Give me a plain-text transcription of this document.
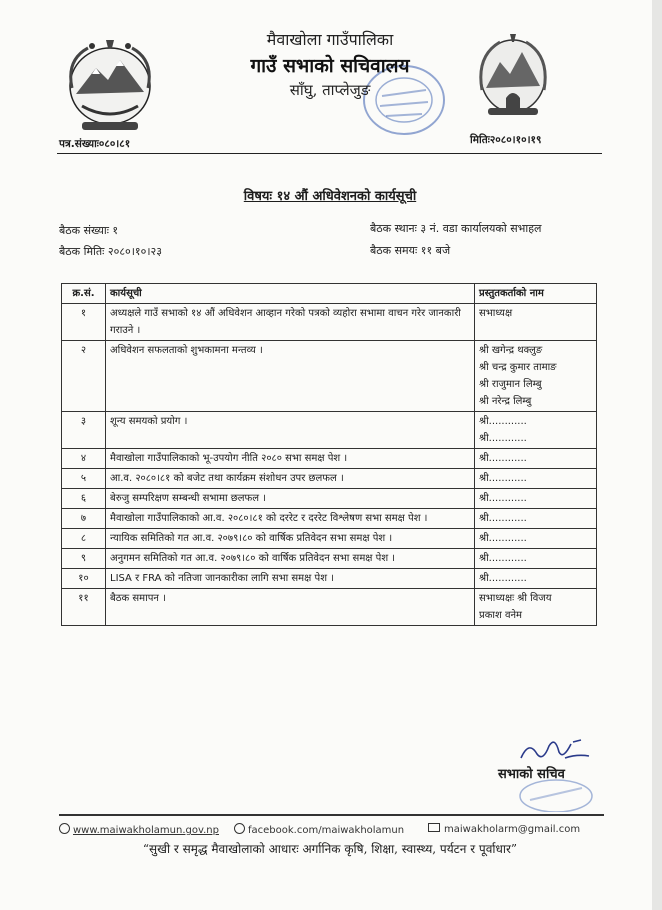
मैवाखोला गाउँपालिका
गाउँ सभाको सचिवालय
साँघु, ताप्लेजुङ
पत्र.संख्याः०८०।८१	मितिः२०८०।१०।१९
विषयः १४ औं अधिवेशनको कार्यसूची
बैठक संख्याः १
बैठक मितिः २०८०।१०।२३
बैठक स्थानः ३ नं. वडा कार्यालयको सभाहल
बैठक समयः ११ बजे
क्र.सं.	कार्यसूची	प्रस्तुतकर्ताको नाम
१	अध्यक्षले गाउँ सभाको १४ औं अधिवेशन आव्हान गरेको पत्रको व्यहोरा सभामा वाचन गरेर जानकारी गराउने ।	सभाध्यक्ष

२	अधिवेशन सफलताको शुभकामना मन्तव्य ।	श्री खगेन्द्र थक्लुङ
श्री चन्द्र कुमार तामाङ
श्री राजुमान लिम्बु
श्री नरेन्द्र लिम्बु

३	शून्य समयको प्रयोग ।	श्री............
श्री............

४	मैवाखोला गाउँपालिकाको भू-उपयोग नीति २०८० सभा समक्ष पेश ।	श्री............

५	आ.व. २०८०।८१ को बजेट तथा कार्यक्रम संशोधन उपर छलफल ।	श्री............

६	बेरुजु सम्परिक्षण सम्बन्धी सभामा छलफल ।	श्री............

७	मैवाखोला गाउँपालिकाको आ.व. २०८०।८१ को दररेट र दररेट विश्लेषण सभा समक्ष पेश ।	श्री............

८	न्यायिक समितिको गत आ.व. २०७९।८० को वार्षिक प्रतिवेदन सभा समक्ष पेश ।	श्री............

९	अनुगमन समितिको गत आ.व. २०७९।८० को वार्षिक प्रतिवेदन सभा समक्ष पेश ।	श्री............

१०	LISA र FRA को नतिजा जानकारीका लागि सभा समक्ष पेश ।	श्री............

११	बैठक समापन ।	सभाध्यक्षः श्री विजय
प्रकाश वनेम
सभाको सचिव
www.maiwakholamun.gov.np	facebook.com/maiwakholamun	maiwakholarm@gmail.com
“सुखी र समृद्ध मैवाखोलाको आधारः अर्गानिक कृषि, शिक्षा, स्वास्थ्य, पर्यटन र पूर्वाधार”
